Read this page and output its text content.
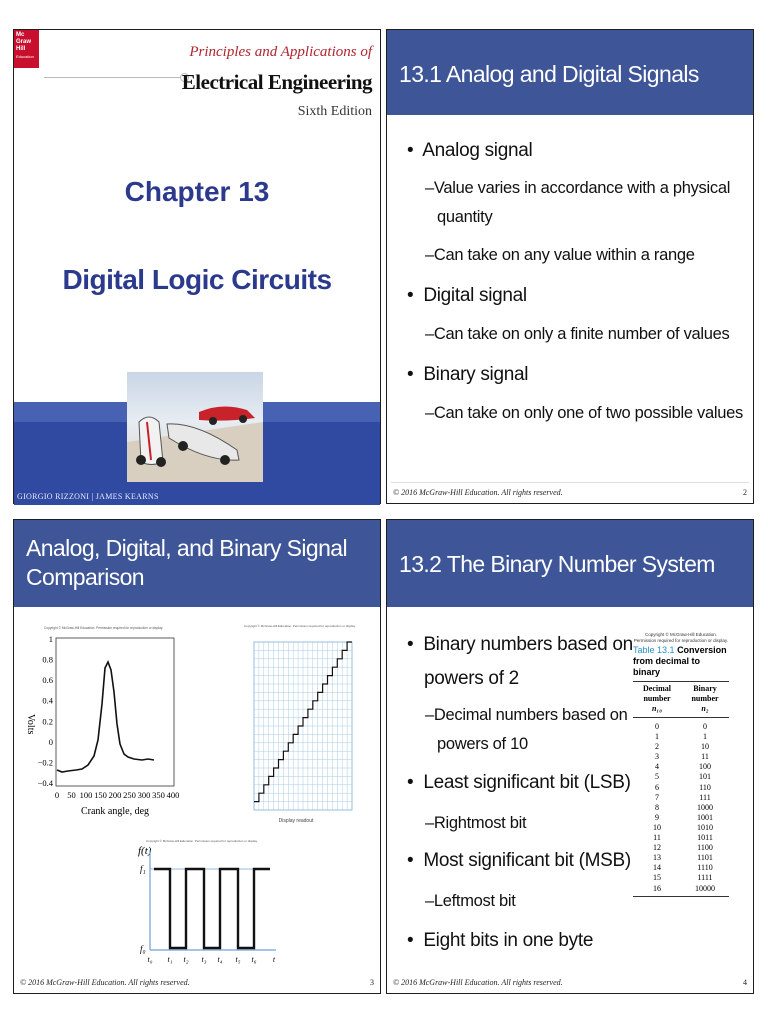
Mc
Graw
Hill
Education	Principles and Applications of
Electrical Engineering
Sixth Edition
Chapter 13
Digital Logic Circuits
GIORGIO RIZZONI | JAMES KEARNS
13.1 Analog and Digital Signals
•  Analog signal
–Value varies in accordance with a physical
quantity
–Can take on any value within a range
•  Digital signal
–Can take on only a finite number of values
•  Binary signal
–Can take on only one of two possible values
© 2016 McGraw-Hill Education. All rights reserved.	2
Analog, Digital, and Binary Signal
Comparison
Copyright © McGraw-Hill Education. Permission required for reproduction or display.
Volts
1
0.8
0.6
0.4
0.2
0
−0.2
−0.4
0 50 100 150 200 250 300 350 400
Crank angle, deg
Copyright © McGraw-Hill Education. Permission required for reproduction or display.
Display readout
Copyright © McGraw-Hill Education. Permission required for reproduction or display.
f(t)
f₁
f₀
t₀ t₁ t₂ t₃ t₄ t₅ t₆ t
© 2016 McGraw-Hill Education. All rights reserved.	3
13.2 The Binary Number System
•  Binary numbers based on
powers of 2
–Decimal numbers based on
powers of 10
•  Least significant bit (LSB)
–Rightmost bit
•  Most significant bit (MSB)
–Leftmost bit
•  Eight bits in one byte
Copyright © McGraw-Hill Education.
Permission required for reproduction or display.
Table 13.1 Conversion
from decimal to binary
Decimal
number
n₁₀
Binary
number
n₂
0	0
1	1
2	10
3	11
4	100
5	101
6	110
7	111
8	1000
9	1001
10	1010
11	1011
12	1100
13	1101
14	1110
15	1111
16	10000
© 2016 McGraw-Hill Education. All rights reserved.	4
